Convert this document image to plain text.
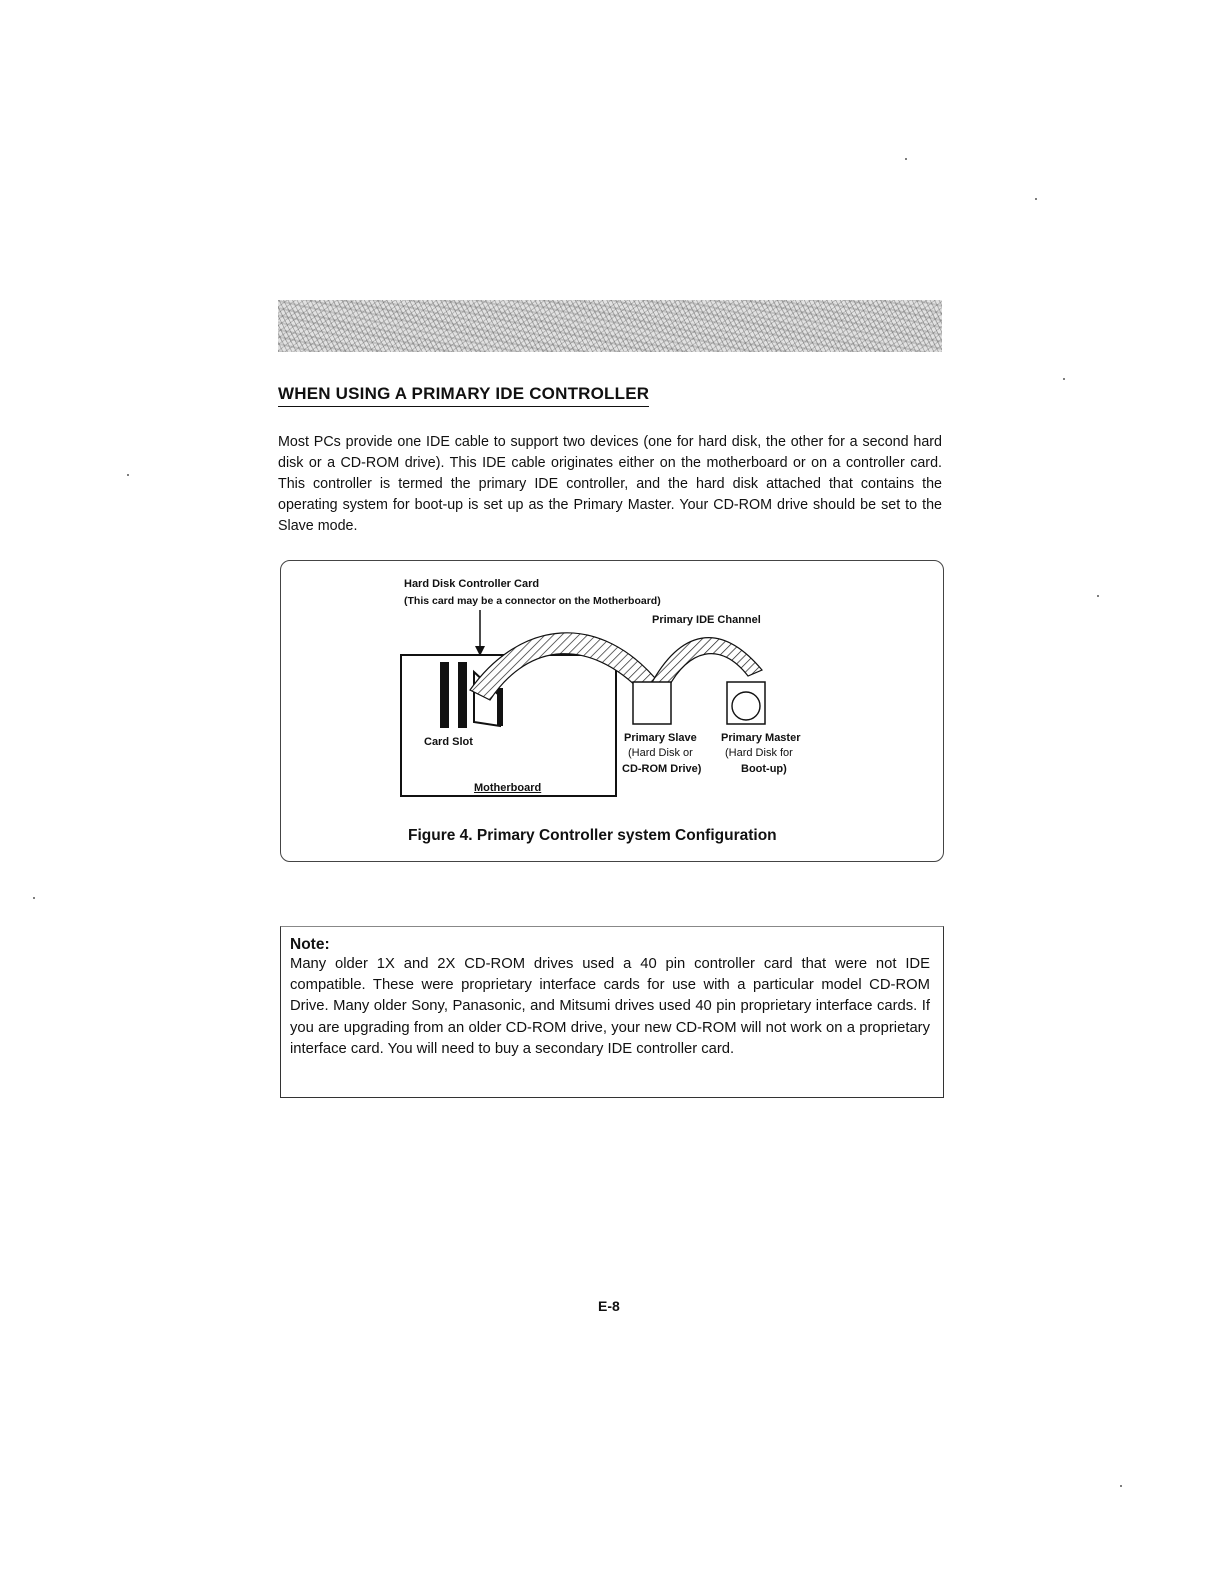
WHEN USING A PRIMARY IDE CONTROLLER

Most PCs provide one IDE cable to support two devices (one for hard disk, the other for a second hard disk or a CD-ROM drive). This IDE cable originates either on the motherboard or on a controller card. This controller is termed the primary IDE controller, and the hard disk attached that contains the operating system for boot-up is set up as the Primary Master. Your CD-ROM drive should be set to the Slave mode.

Hard Disk Controller Card
(This card may be a connector on the Motherboard)
Primary IDE Channel
Card Slot
Motherboard
Primary Slave
(Hard Disk or
CD-ROM Drive)
Primary Master
(Hard Disk for
Boot-up)

Figure 4. Primary Controller system Configuration

Note:

Many older 1X and 2X CD-ROM drives used a 40 pin controller card that were not IDE compatible. These were proprietary interface cards for use with a particular model CD-ROM Drive. Many older Sony, Panasonic, and Mitsumi drives used 40 pin proprietary interface cards. If you are upgrading from an older CD-ROM drive, your new CD-ROM will not work on a proprietary interface card. You will need to buy a secondary IDE controller card.

E-8
